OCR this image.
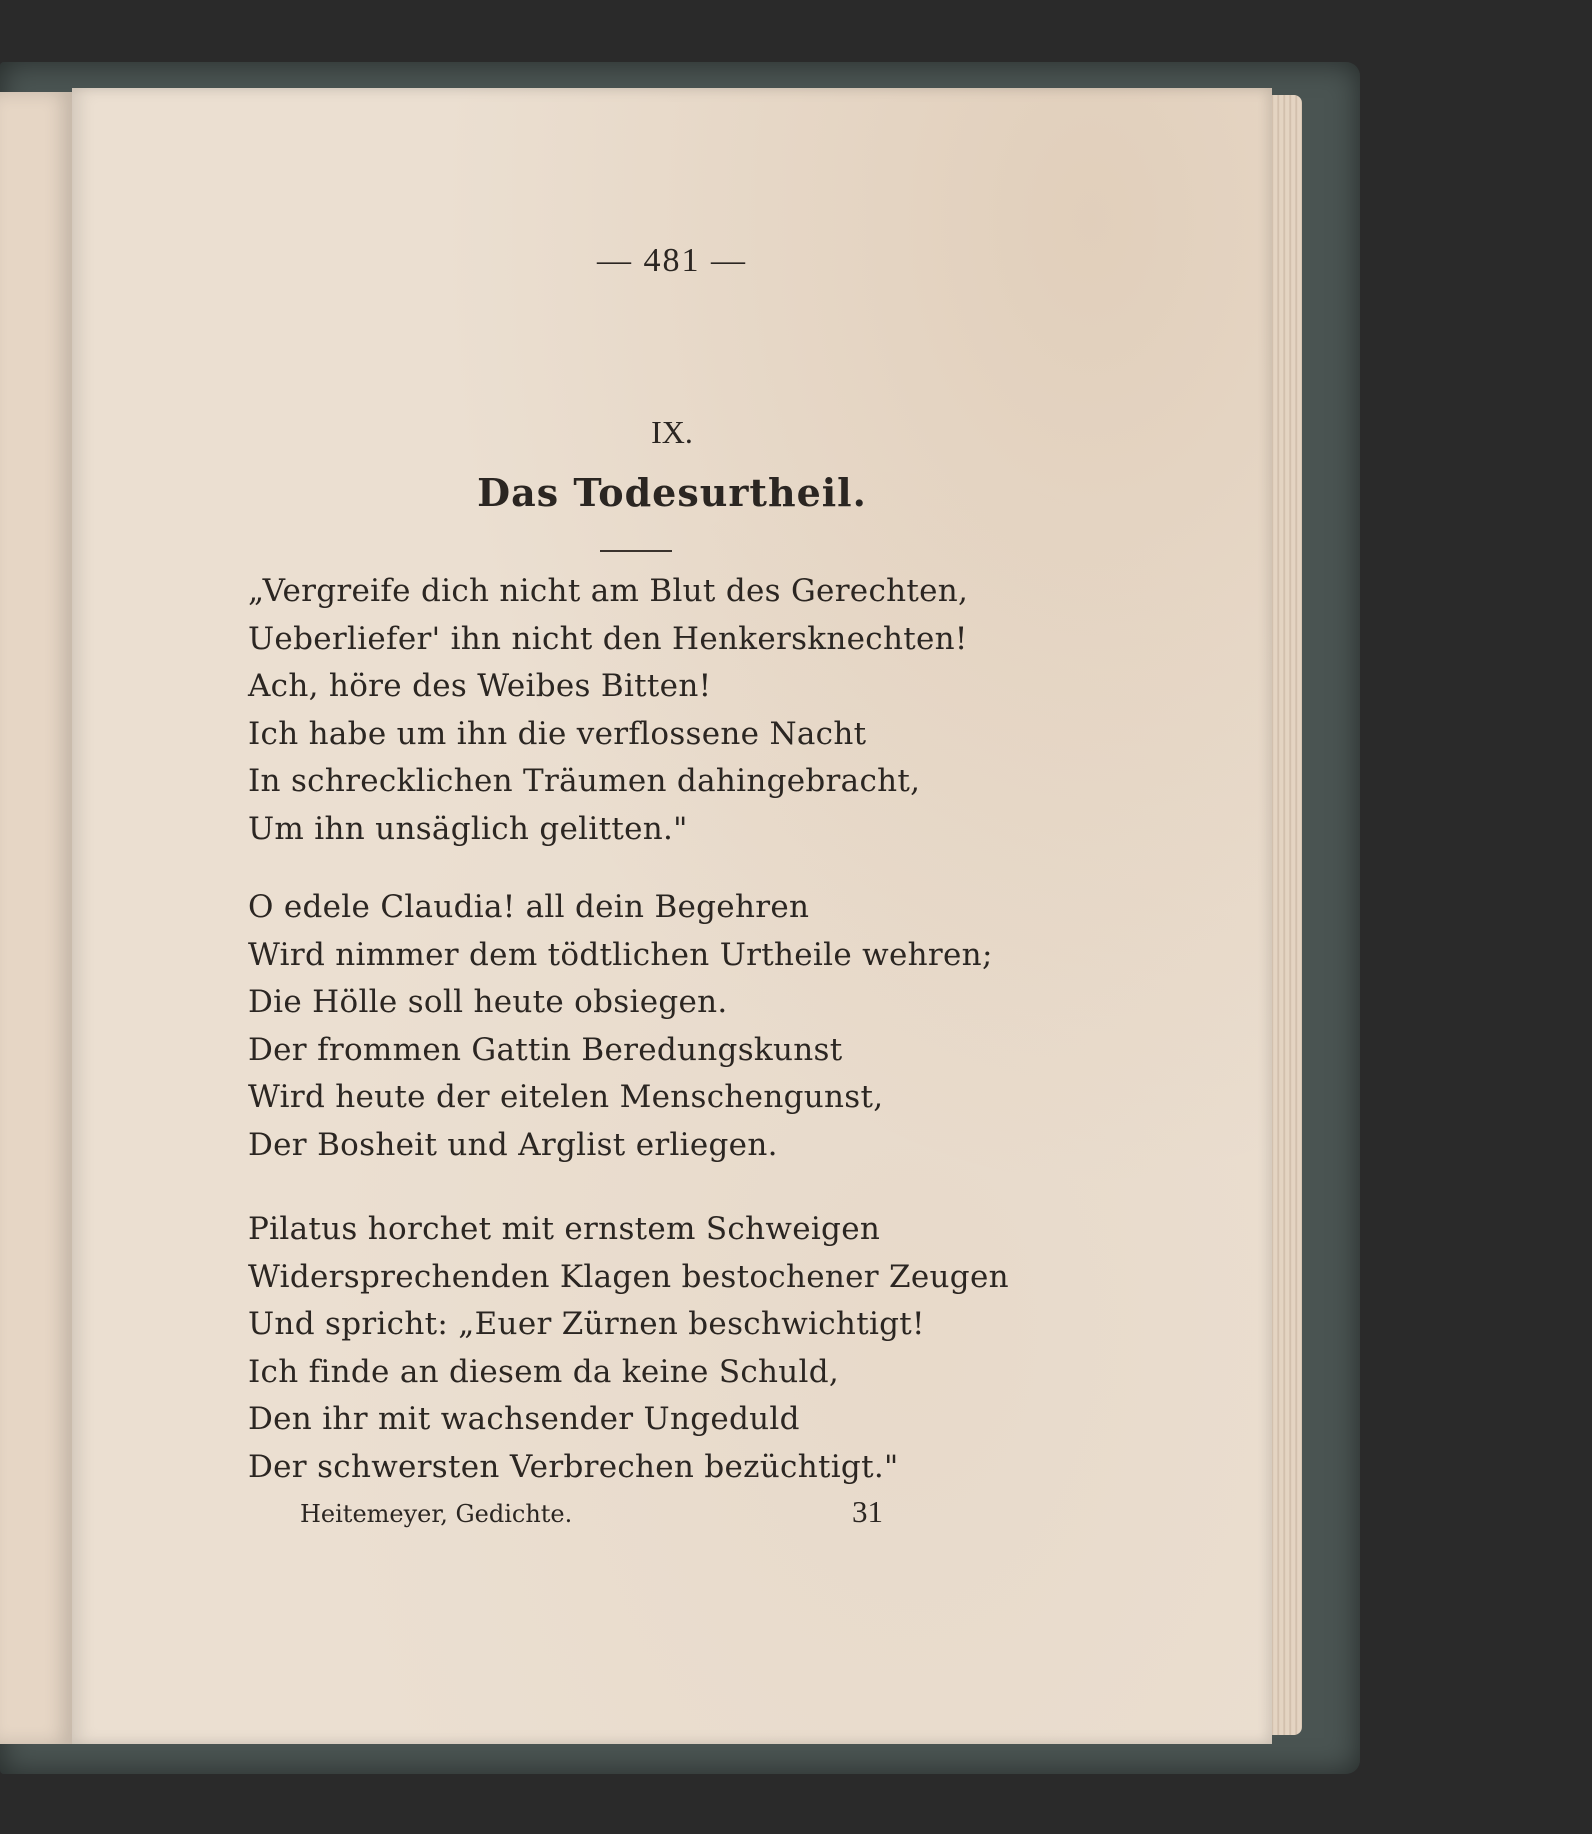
— 481 —
IX.
Das Todesurtheil.
„Vergreife dich nicht am Blut des Gerechten,
Ueberliefer' ihn nicht den Henkersknechten!
Ach, höre des Weibes Bitten!
Ich habe um ihn die verflossene Nacht
In schrecklichen Träumen dahingebracht,
Um ihn unsäglich gelitten."
O edele Claudia! all dein Begehren
Wird nimmer dem tödtlichen Urtheile wehren;
Die Hölle soll heute obsiegen.
Der frommen Gattin Beredungskunst
Wird heute der eitelen Menschengunst,
Der Bosheit und Arglist erliegen.
Pilatus horchet mit ernstem Schweigen
Widersprechenden Klagen bestochener Zeugen
Und spricht: „Euer Zürnen beschwichtigt!
Ich finde an diesem da keine Schuld,
Den ihr mit wachsender Ungeduld
Der schwersten Verbrechen bezüchtigt."
Heitemeyer, Gedichte.	31
